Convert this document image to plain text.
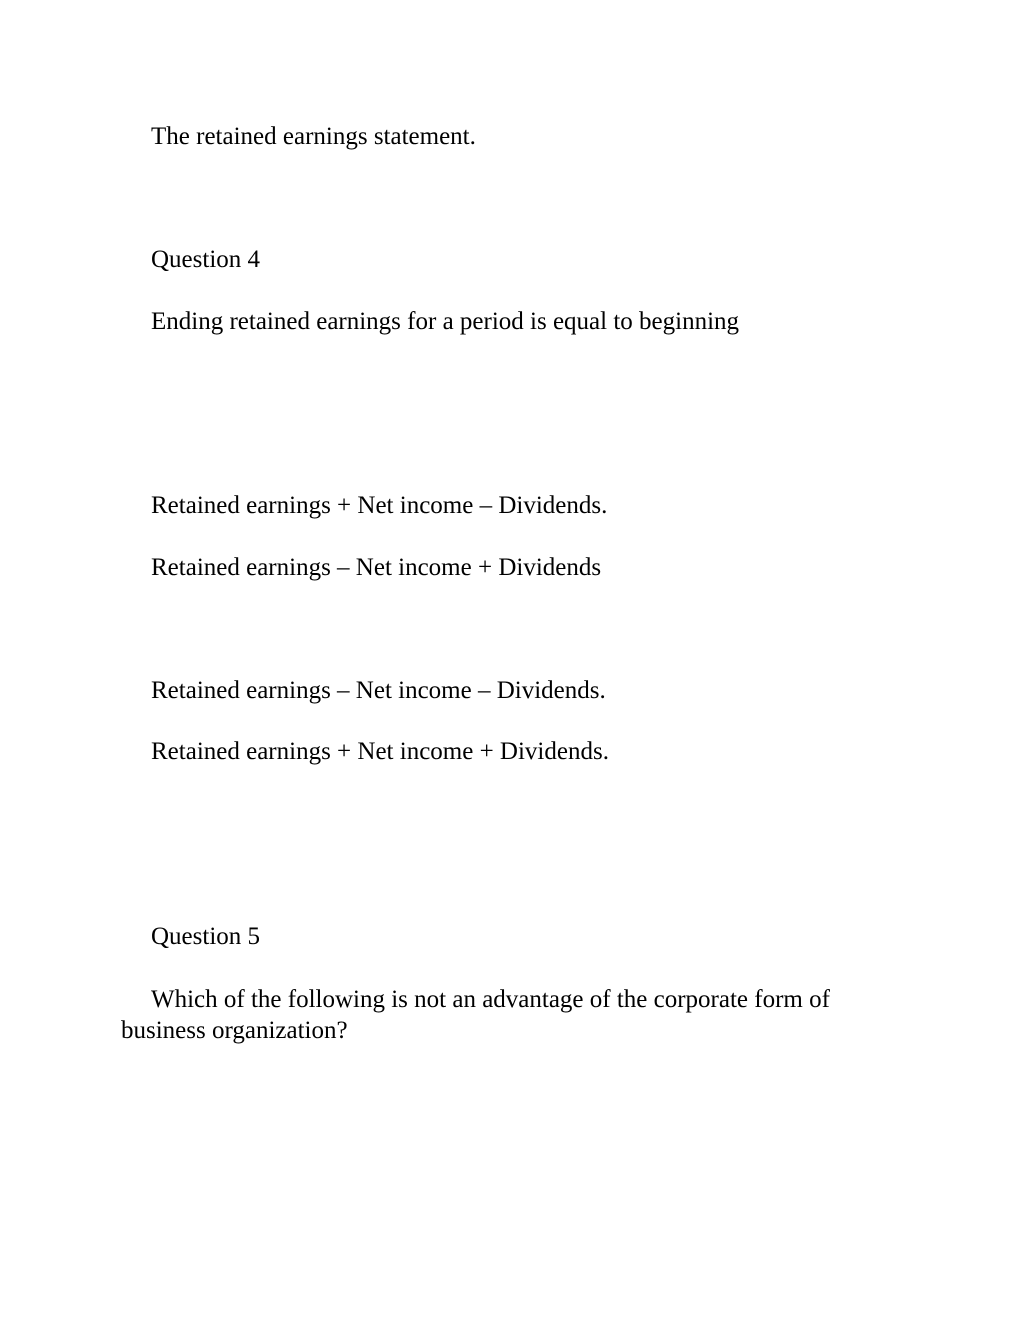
The retained earnings statement.
Question 4
Ending retained earnings for a period is equal to beginning
Retained earnings + Net income – Dividends.
Retained earnings – Net income + Dividends
Retained earnings – Net income – Dividends.
Retained earnings + Net income + Dividends.
Question 5
Which of the following is not an advantage of the corporate form of business organization?
